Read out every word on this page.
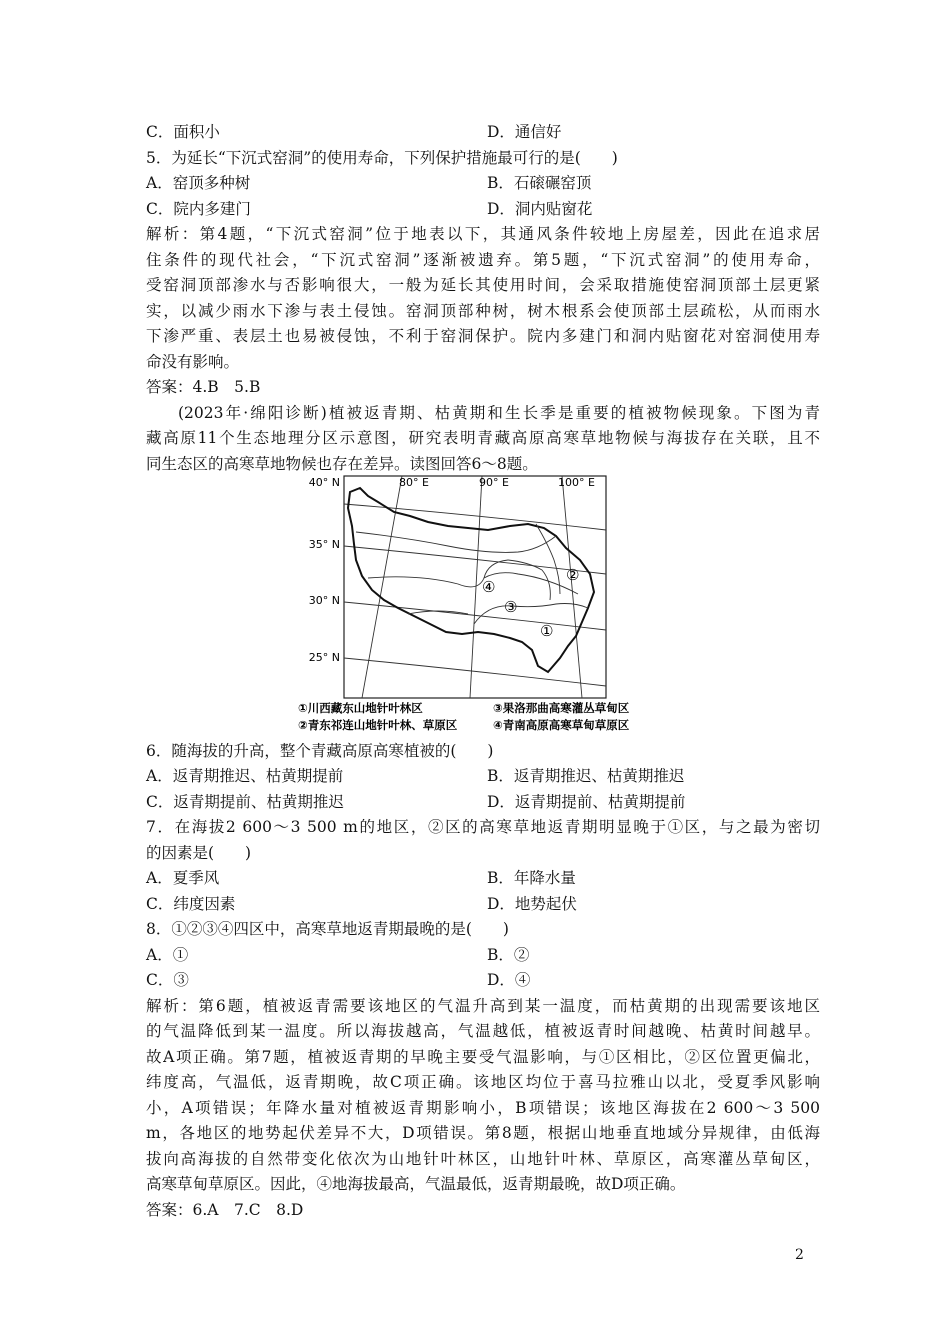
C．面积小	D．通信好
5．为延长“下沉式窑洞”的使用寿命，下列保护措施最可行的是(　　)
A．窑顶多种树	B．石磙碾窑顶
C．院内多建门	D．洞内贴窗花
解析：第4题，“下沉式窑洞”位于地表以下，其通风条件较地上房屋差，因此在追求居
住条件的现代社会，“下沉式窑洞”逐渐被遗弃。第5题，“下沉式窑洞”的使用寿命，
受窑洞顶部渗水与否影响很大，一般为延长其使用时间，会采取措施使窑洞顶部土层更紧
实，以减少雨水下渗与表土侵蚀。窑洞顶部种树，树木根系会使顶部土层疏松，从而雨水
下渗严重、表层土也易被侵蚀，不利于窑洞保护。院内多建门和洞内贴窗花对窑洞使用寿
命没有影响。
答案：4.B　5.B
(2023年·绵阳诊断)植被返青期、枯黄期和生长季是重要的植被物候现象。下图为青
藏高原11个生态地理分区示意图，研究表明青藏高原高寒草地物候与海拔存在关联，且不
同生态区的高寒草地物候也存在差异。读图回答6～8题。
80° E	90° E	100° E
40° N
35° N
30° N
25° N
①
②
③
④
①川西藏东山地针叶林区
②青东祁连山地针叶林、草原区
③果洛那曲高寒灌丛草甸区
④青南高原高寒草甸草原区
6．随海拔的升高，整个青藏高原高寒植被的(　　)
A．返青期推迟、枯黄期提前	B．返青期推迟、枯黄期推迟
C．返青期提前、枯黄期推迟	D．返青期提前、枯黄期提前
7．在海拔2 600～3 500 m的地区，②区的高寒草地返青期明显晚于①区，与之最为密切
的因素是(　　)
A．夏季风	B．年降水量
C．纬度因素	D．地势起伏
8．①②③④四区中，高寒草地返青期最晚的是(　　)
A．①	B．②
C．③	D．④
解析：第6题，植被返青需要该地区的气温升高到某一温度，而枯黄期的出现需要该地区
的气温降低到某一温度。所以海拔越高，气温越低，植被返青时间越晚、枯黄时间越早。
故A项正确。第7题，植被返青期的早晚主要受气温影响，与①区相比，②区位置更偏北，
纬度高，气温低，返青期晚，故C项正确。该地区均位于喜马拉雅山以北，受夏季风影响
小，A项错误；年降水量对植被返青期影响小，B项错误；该地区海拔在2 600～3 500
m，各地区的地势起伏差异不大，D项错误。第8题，根据山地垂直地域分异规律，由低海
拔向高海拔的自然带变化依次为山地针叶林区，山地针叶林、草原区，高寒灌丛草甸区，
高寒草甸草原区。因此，④地海拔最高，气温最低，返青期最晚，故D项正确。
答案：6.A　7.C　8.D
2
